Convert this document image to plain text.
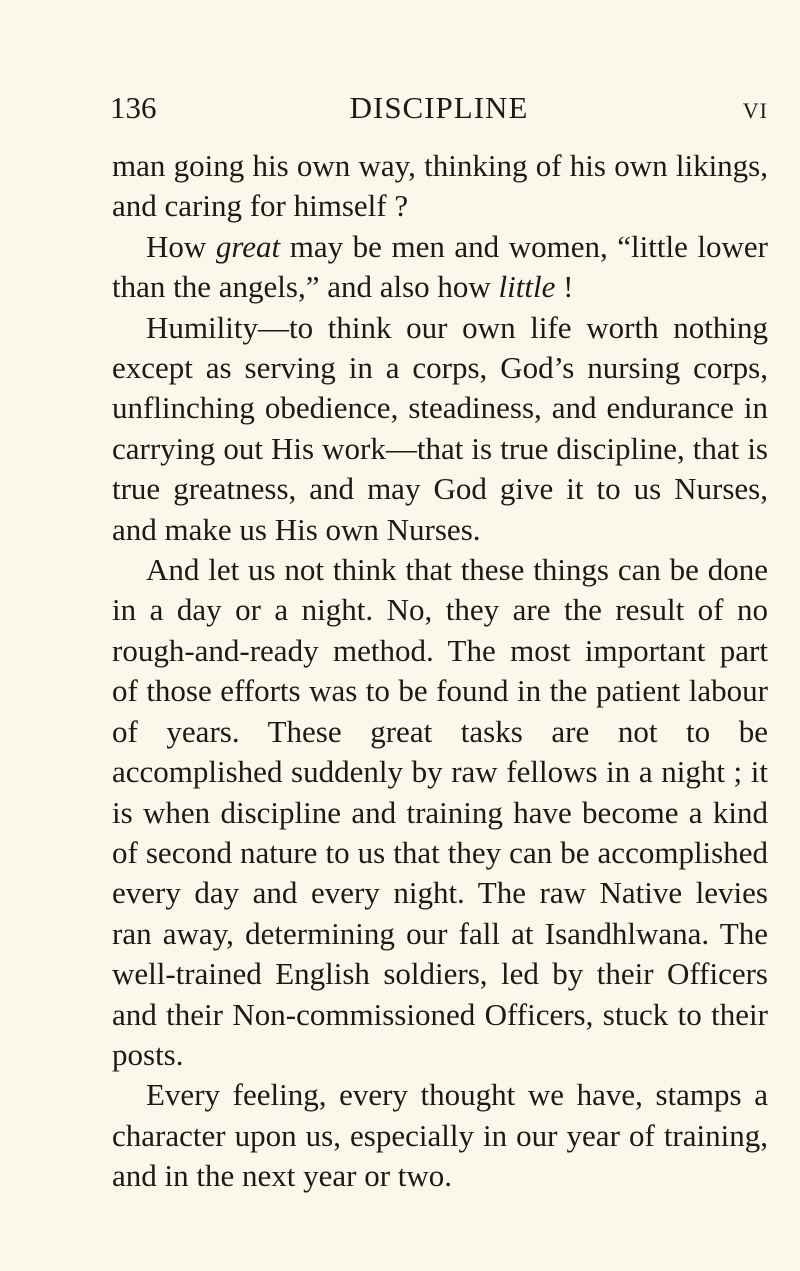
136	DISCIPLINE	VI

man going his own way, thinking of his own likings, and caring for himself ?

How great may be men and women, “little lower than the angels,” and also how little !

Humility—to think our own life worth nothing except as serving in a corps, God’s nursing corps, unflinching obedience, steadiness, and endurance in carrying out His work—that is true discipline, that is true greatness, and may God give it to us Nurses, and make us His own Nurses.

And let us not think that these things can be done in a day or a night. No, they are the result of no rough-and-ready method. The most important part of those efforts was to be found in the patient labour of years. These great tasks are not to be accomplished suddenly by raw fellows in a night ; it is when discipline and training have become a kind of second nature to us that they can be accomplished every day and every night. The raw Native levies ran away, determining our fall at Isandhlwana. The well-trained English soldiers, led by their Officers and their Non-commissioned Officers, stuck to their posts.

Every feeling, every thought we have, stamps a character upon us, especially in our year of training, and in the next year or two.
